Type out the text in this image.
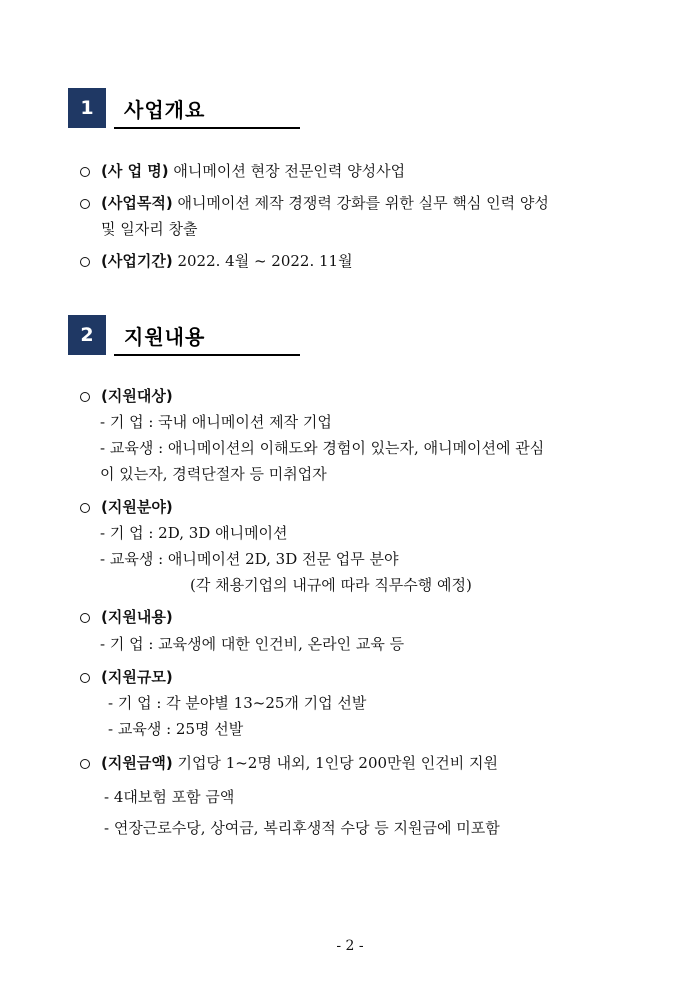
1	사업개요
(사 업 명) 애니메이션 현장 전문인력 양성사업
(사업목적) 애니메이션 제작 경쟁력 강화를 위한 실무 핵심 인력 양성
및 일자리 창출
(사업기간) 2022. 4월 ~ 2022. 11월
2	지원내용
(지원대상)
- 기 업 : 국내 애니메이션 제작 기업
- 교육생 : 애니메이션의 이해도와 경험이 있는자, 애니메이션에 관심
이 있는자, 경력단절자 등 미취업자
(지원분야)
- 기 업 : 2D, 3D 애니메이션
- 교육생 : 애니메이션 2D, 3D 전문 업무 분야
(각 채용기업의 내규에 따라 직무수행 예정)
(지원내용)
- 기 업 : 교육생에 대한 인건비, 온라인 교육 등
(지원규모)
- 기 업 : 각 분야별 13~25개 기업 선발
- 교육생 : 25명 선발
(지원금액) 기업당 1~2명 내외, 1인당 200만원 인건비 지원
- 4대보험 포함 금액
- 연장근로수당, 상여금, 복리후생적 수당 등 지원금에 미포함
- 2 -
